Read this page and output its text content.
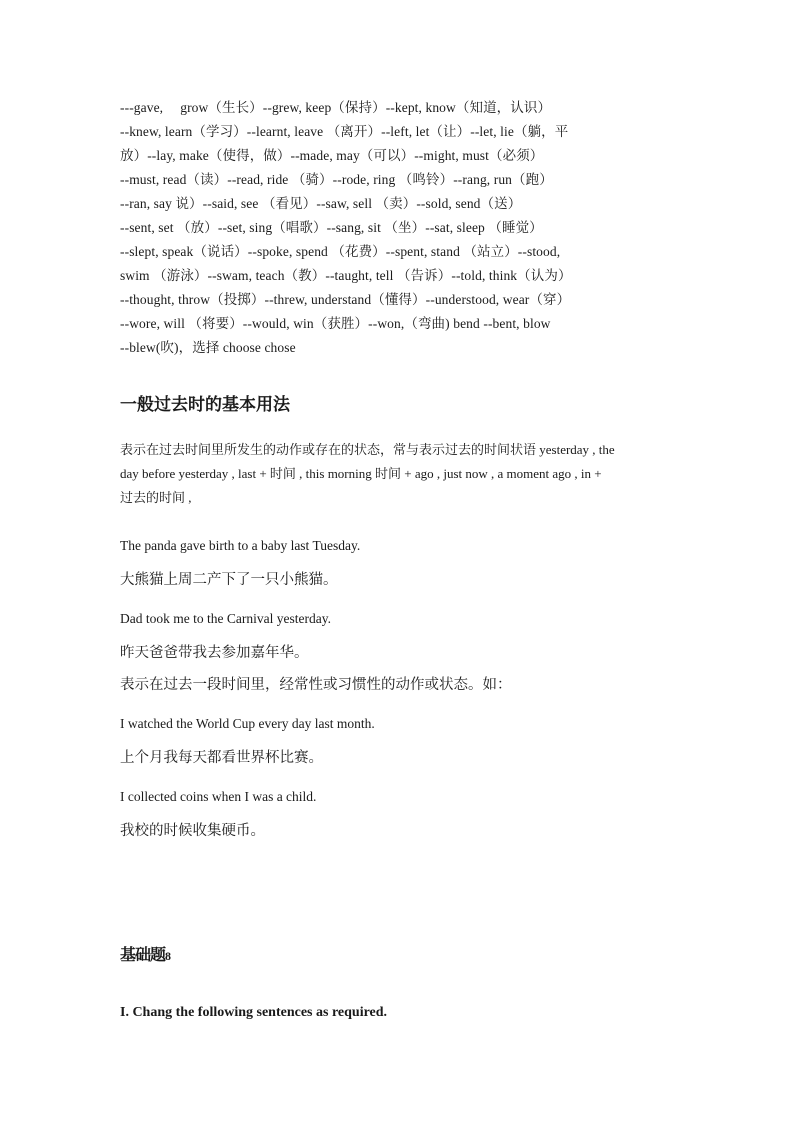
---gave,　 grow（生长）--grew, keep（保持）--kept, know（知道，认识）

--knew, learn（学习）--learnt, leave （离开）--left, let（让）--let, lie（躺，平

放）--lay, make（使得，做）--made, may（可以）--might, must（必须）

--must, read（读）--read, ride （骑）--rode, ring （鸣铃）--rang, run（跑）

--ran, say 说）--said, see （看见）--saw, sell （卖）--sold, send（送）

--sent, set （放）--set, sing（唱歌）--sang, sit （坐）--sat, sleep （睡觉）

--slept, speak（说话）--spoke, spend （花费）--spent, stand （站立）--stood,

swim （游泳）--swam, teach（教）--taught, tell （告诉）--told, think（认为）

--thought, throw（投掷）--threw, understand（懂得）--understood, wear（穿）

--wore, will （将要）--would, win（获胜）--won,（弯曲) bend --bent, blow

--blew(吹)，选择 choose chose

一般过去时的基本用法

表示在过去时间里所发生的动作或存在的状态，常与表示过去的时间状语 yesterday , the

day before yesterday , last + 时间 , this morning 时间 + ago , just now , a moment ago , in +

过去的时间 ,

The panda gave birth to a baby last Tuesday.

大熊猫上周二产下了一只小熊猫。

Dad took me to the Carnival yesterday.

昨天爸爸带我去参加嘉年华。

表示在过去一段时间里，经常性或习惯性的动作或状态。如：

I watched the World Cup every day last month.

上个月我每天都看世界杯比赛。

I collected coins when I was a child.

我校的时候收集硬币。

基础题8

I. Chang the following sentences as required.
